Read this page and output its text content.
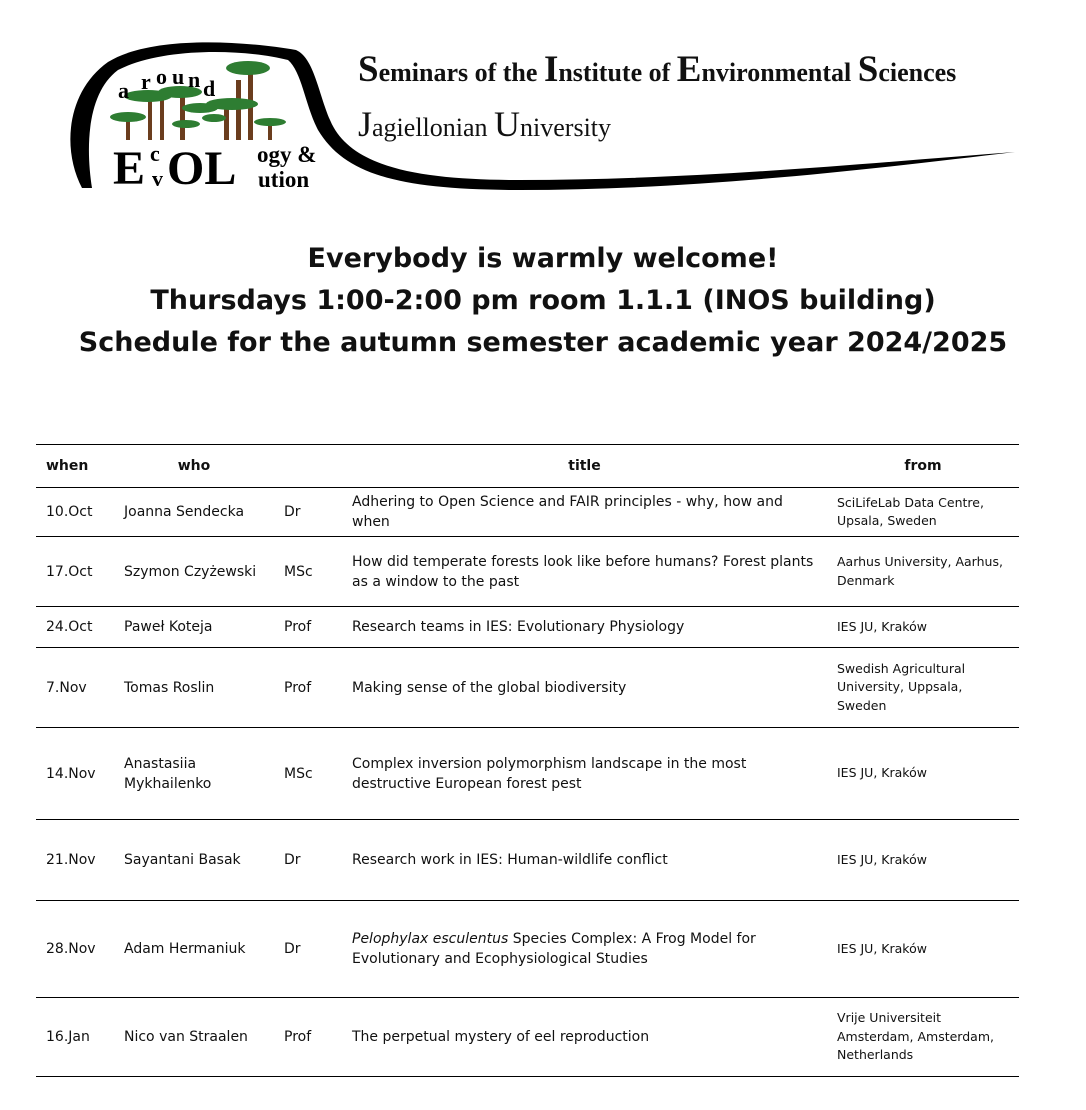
a r o u n d
E c
v OL ogy &
ution
Seminars of the Institute of Environmental Sciences
Jagiellonian University
Everybody is warmly welcome!
Thursdays 1:00-2:00 pm room 1.1.1 (INOS building)
Schedule for the autumn semester academic year 2024/2025
when	who		title	from
10.Oct	Joanna Sendecka	Dr	Adhering to Open Science and FAIR principles - why, how and when	SciLifeLab Data Centre, Upsala, Sweden
17.Oct	Szymon Czyżewski	MSc	How did temperate forests look like before humans? Forest plants as a window to the past	Aarhus University, Aarhus, Denmark
24.Oct	Paweł Koteja	Prof	Research teams in IES: Evolutionary Physiology	IES JU, Kraków
7.Nov	Tomas Roslin	Prof	Making sense of the global biodiversity	Swedish Agricultural University, Uppsala, Sweden
14.Nov	Anastasiia Mykhailenko	MSc	Complex inversion polymorphism landscape in the most destructive European forest pest	IES JU, Kraków
21.Nov	Sayantani Basak	Dr	Research work in IES: Human-wildlife conflict	IES JU, Kraków
28.Nov	Adam Hermaniuk	Dr	Pelophylax esculentus Species Complex: A Frog Model for Evolutionary and Ecophysiological Studies	IES JU, Kraków
16.Jan	Nico van Straalen	Prof	The perpetual mystery of eel reproduction	Vrije Universiteit Amsterdam, Amsterdam, Netherlands
